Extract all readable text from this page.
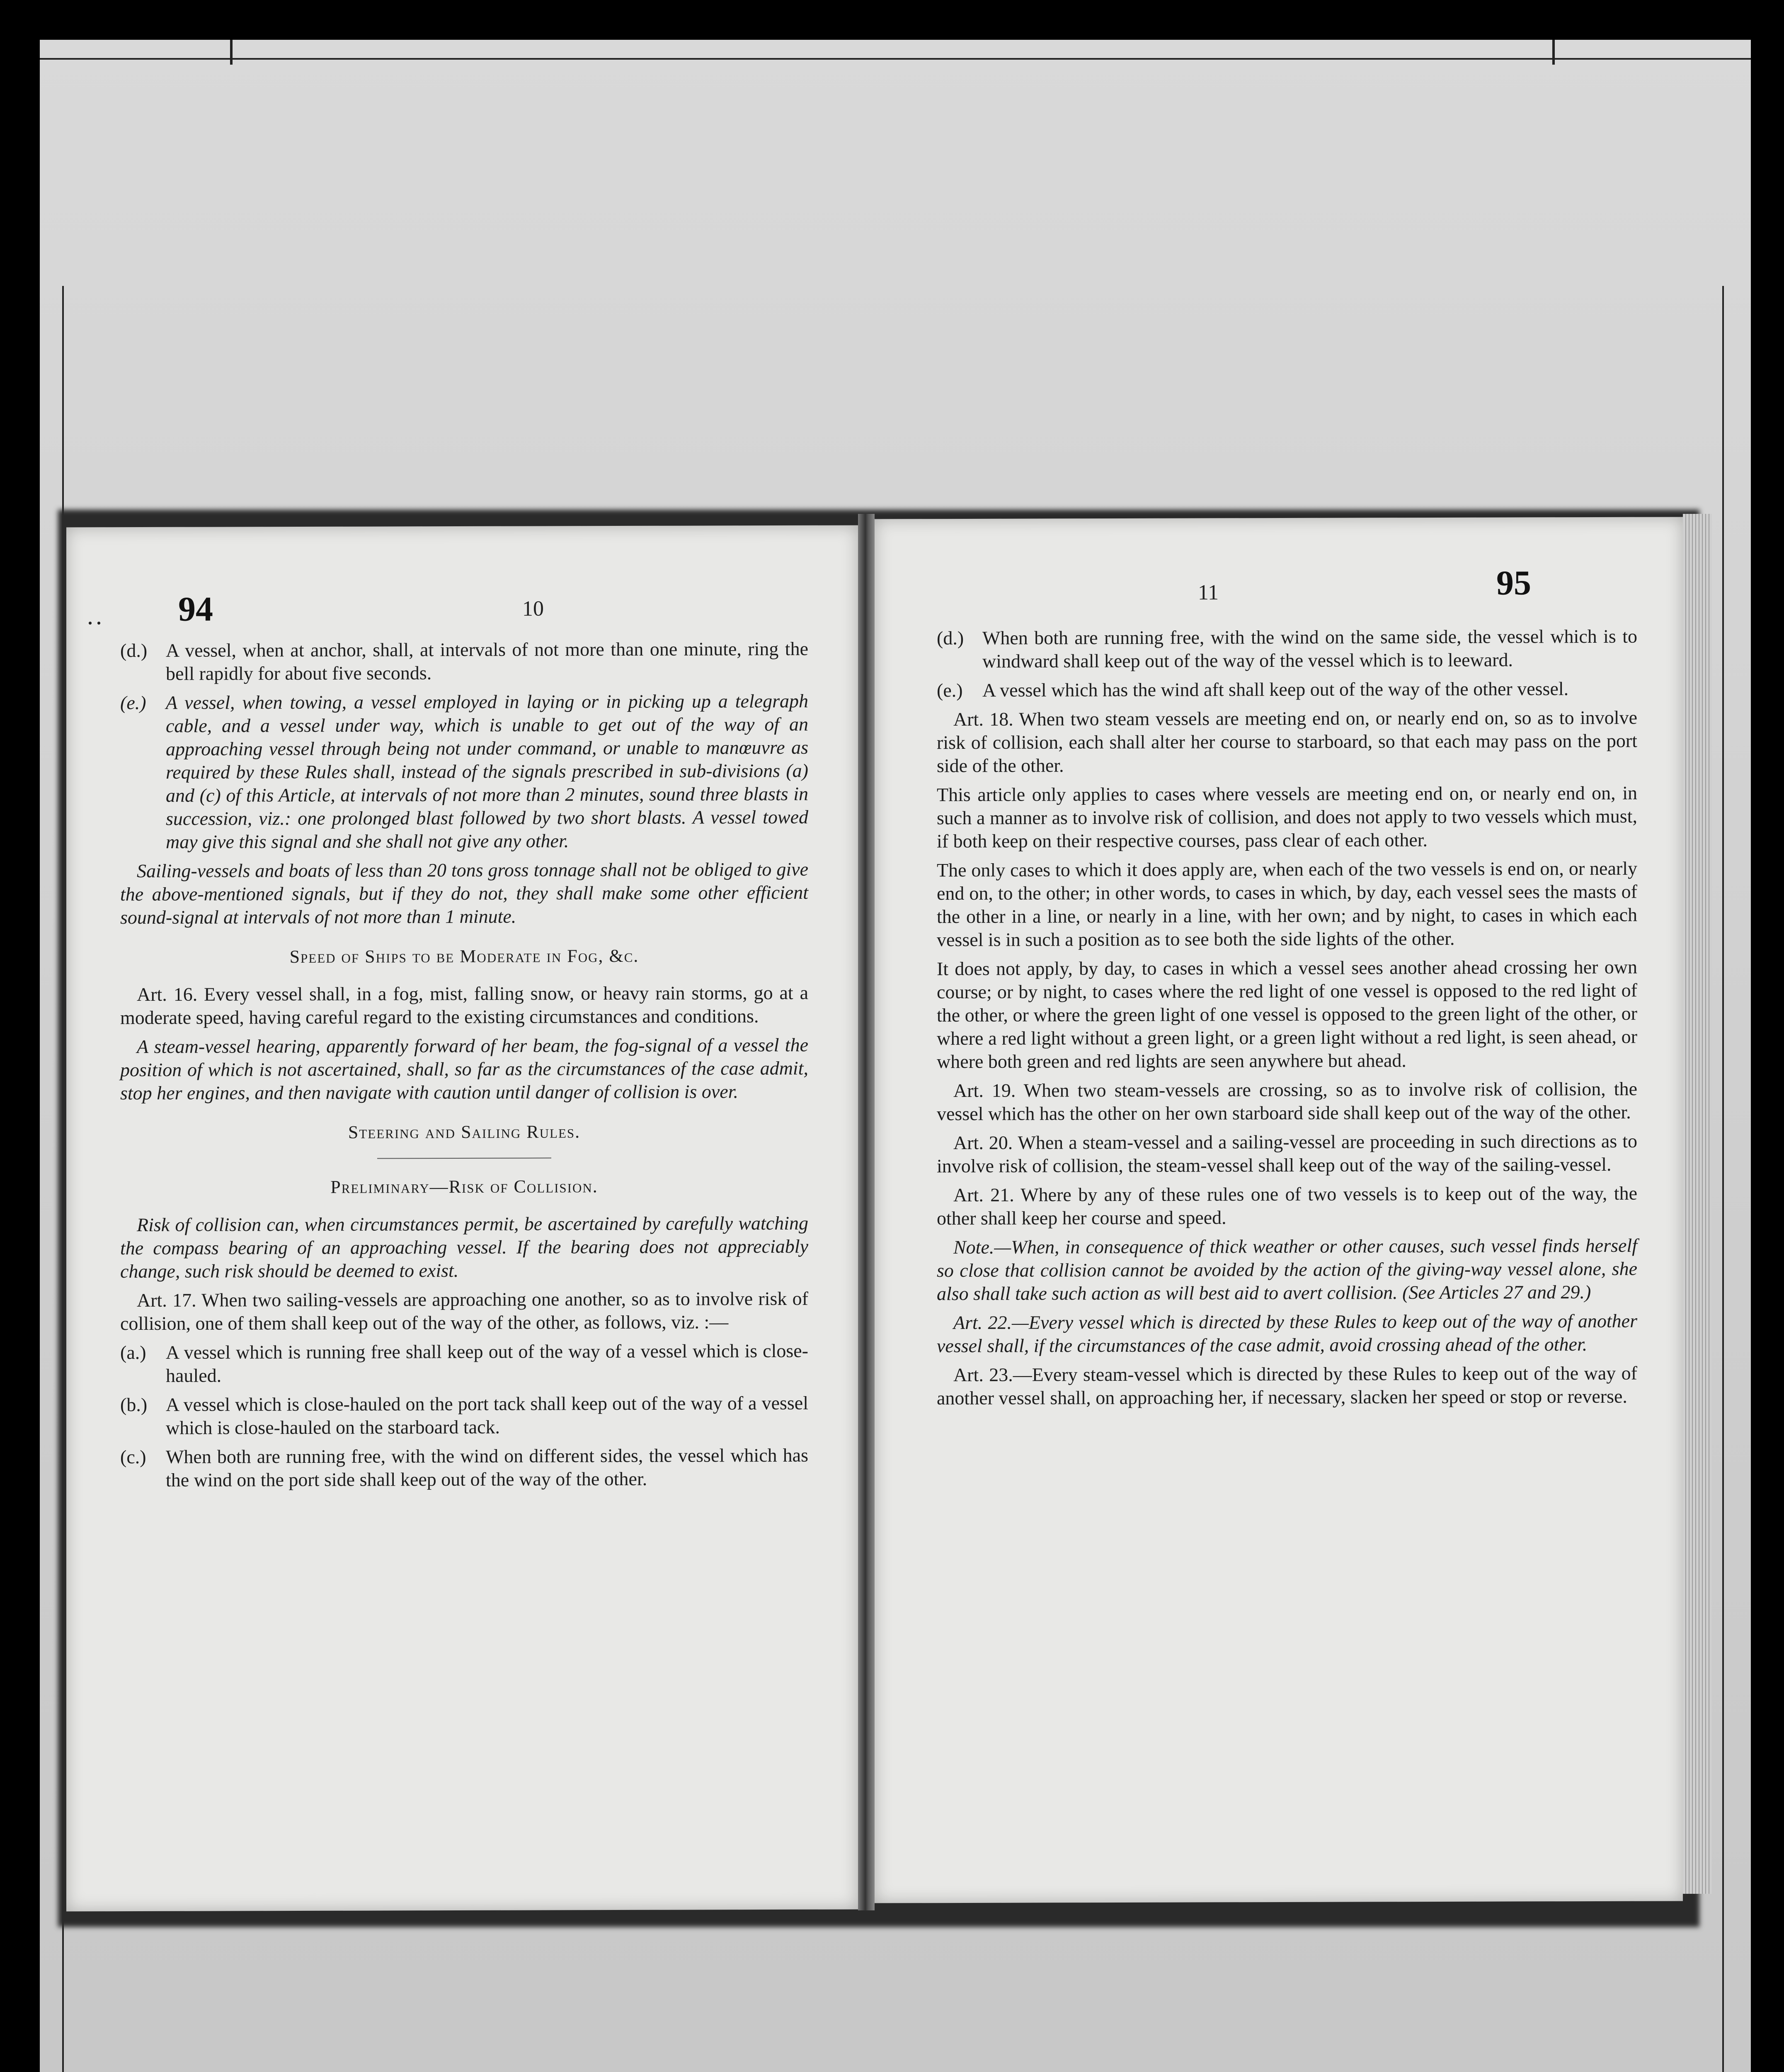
.. 94	10
(d.) A vessel, when at anchor, shall, at intervals of not more than one minute, ring the bell rapidly for about five seconds.
(e.)	A vessel, when towing, a vessel employed in laying or in picking up a telegraph cable, and a vessel under way, which is unable to get out of the way of an approaching vessel through being not under command, or unable to manœuvre as required by these Rules shall, instead of the signals prescribed in sub-divisions (a) and (c) of this Article, at intervals of not more than 2 minutes, sound three blasts in succession, viz.: one prolonged blast followed by two short blasts. A vessel towed may give this signal and she shall not give any other.

Sailing-vessels and boats of less than 20 tons gross tonnage shall not be obliged to give the above-mentioned signals, but if they do not, they shall make some other efficient sound-signal at intervals of not more than 1 minute.

Speed of Ships to be Moderate in Fog, &c.

Art. 16. Every vessel shall, in a fog, mist, falling snow, or heavy rain storms, go at a moderate speed, having careful regard to the existing circumstances and conditions.

A steam-vessel hearing, apparently forward of her beam, the fog-signal of a vessel the position of which is not ascertained, shall, so far as the circumstances of the case admit, stop her engines, and then navigate with caution until danger of collision is over.

Steering and Sailing Rules.
Preliminary—Risk of Collision.

Risk of collision can, when circumstances permit, be ascertained by carefully watching the compass bearing of an approaching vessel. If the bearing does not appreciably change, such risk should be deemed to exist.

Art. 17. When two sailing-vessels are approaching one another, so as to involve risk of collision, one of them shall keep out of the way of the other, as follows, viz. :—

(a.)	A vessel which is running free shall keep out of the way of a vessel which is close-hauled.
(b.) A vessel which is close-hauled on the port tack shall keep out of the way of a vessel which is close-hauled on the starboard tack.
(c.)	When both are running free, with the wind on different sides, the vessel which has the wind on the port side shall keep out of the way of the other.
11	95
(d.) When both are running free, with the wind on the same side, the vessel which is to windward shall keep out of the way of the vessel which is to leeward.
(e.)	A vessel which has the wind aft shall keep out of the way of the other vessel.

Art. 18. When two steam vessels are meeting end on, or nearly end on, so as to involve risk of collision, each shall alter her course to starboard, so that each may pass on the port side of the other.

This article only applies to cases where vessels are meeting end on, or nearly end on, in such a manner as to involve risk of collision, and does not apply to two vessels which must, if both keep on their respective courses, pass clear of each other.

The only cases to which it does apply are, when each of the two vessels is end on, or nearly end on, to the other; in other words, to cases in which, by day, each vessel sees the masts of the other in a line, or nearly in a line, with her own; and by night, to cases in which each vessel is in such a position as to see both the side lights of the other.

It does not apply, by day, to cases in which a vessel sees another ahead crossing her own course; or by night, to cases where the red light of one vessel is opposed to the red light of the other, or where the green light of one vessel is opposed to the green light of the other, or where a red light without a green light, or a green light without a red light, is seen ahead, or where both green and red lights are seen anywhere but ahead.

Art. 19. When two steam-vessels are crossing, so as to involve risk of collision, the vessel which has the other on her own starboard side shall keep out of the way of the other.

Art. 20. When a steam-vessel and a sailing-vessel are proceeding in such directions as to involve risk of collision, the steam-vessel shall keep out of the way of the sailing-vessel.

Art. 21. Where by any of these rules one of two vessels is to keep out of the way, the other shall keep her course and speed.

Note.—When, in consequence of thick weather or other causes, such vessel finds herself so close that collision cannot be avoided by the action of the giving-way vessel alone, she also shall take such action as will best aid to avert collision. (See Articles 27 and 29.)

Art. 22.—Every vessel which is directed by these Rules to keep out of the way of another vessel shall, if the circumstances of the case admit, avoid crossing ahead of the other.

Art. 23.—Every steam-vessel which is directed by these Rules to keep out of the way of another vessel shall, on approaching her, if necessary, slacken her speed or stop or reverse.
